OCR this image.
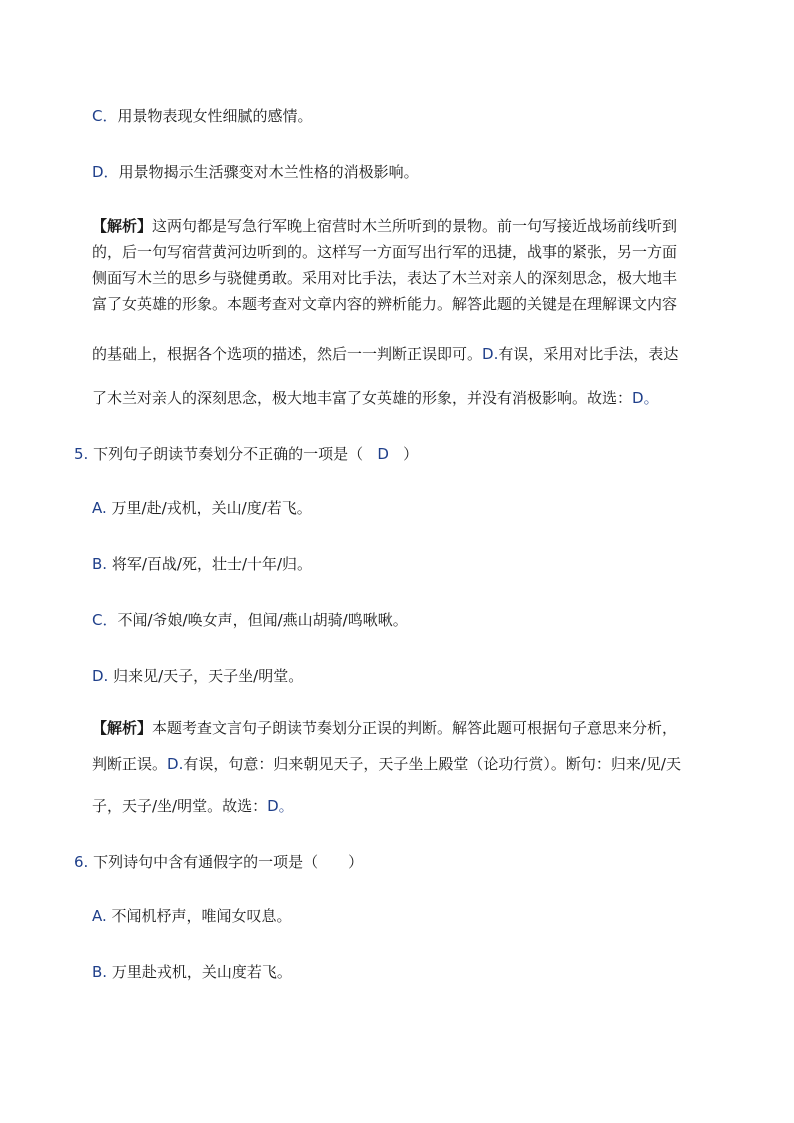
C．用景物表现女性细腻的感情。
D．用景物揭示生活骤变对木兰性格的消极影响。
【解析】这两句都是写急行军晚上宿营时木兰所听到的景物。前一句写接近战场前线听到
的，后一句写宿营黄河边听到的。这样写一方面写出行军的迅捷，战事的紧张，另一方面
侧面写木兰的思乡与骁健勇敢。采用对比手法，表达了木兰对亲人的深刻思念，极大地丰
富了女英雄的形象。本题考查对文章内容的辨析能力。解答此题的关键是在理解课文内容
的基础上，根据各个选项的描述，然后一一判断正误即可。D.有误，采用对比手法，表达
了木兰对亲人的深刻思念，极大地丰富了女英雄的形象，并没有消极影响。故选：D。
5. 下列句子朗读节奏划分不正确的一项是（ D ）
A. 万里/赴/戎机，关山/度/若飞。
B. 将军/百战/死，壮士/十年/归。
C．不闻/爷娘/唤女声，但闻/燕山胡骑/鸣啾啾。
D. 归来见/天子，天子坐/明堂。
【解析】本题考查文言句子朗读节奏划分正误的判断。解答此题可根据句子意思来分析，
判断正误。D.有误，句意：归来朝见天子，天子坐上殿堂（论功行赏）。断句：归来/见/天
子，天子/坐/明堂。故选：D。
6. 下列诗句中含有通假字的一项是（　　）
A. 不闻机杼声，唯闻女叹息。
B. 万里赴戎机，关山度若飞。
